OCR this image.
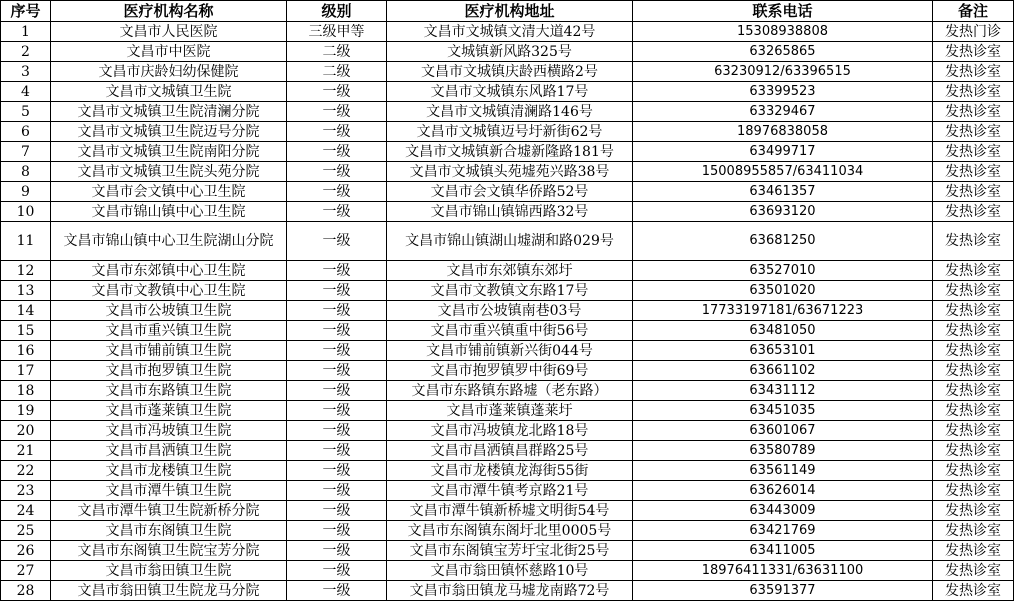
序号	医疗机构名称	级别	医疗机构地址	联系电话	备注
1	文昌市人民医院	三级甲等	文昌市文城镇文清大道42号	15308938808	发热门诊
2	文昌市中医院	二级	文城镇新风路325号	63265865	发热诊室
3	文昌市庆龄妇幼保健院	二级	文昌市文城镇庆龄西横路2号	63230912/63396515	发热诊室
4	文昌市文城镇卫生院	一级	文昌市文城镇东风路17号	63399523	发热诊室
5	文昌市文城镇卫生院清澜分院	一级	文昌市文城镇清澜路146号	63329467	发热诊室
6	文昌市文城镇卫生院迈号分院	一级	文昌市文城镇迈号圩新街62号	18976838058	发热诊室
7	文昌市文城镇卫生院南阳分院	一级	文昌市文城镇新合墟新隆路181号	63499717	发热诊室
8	文昌市文城镇卫生院头苑分院	一级	文昌市文城镇头苑墟苑兴路38号	15008955857/63411034	发热诊室
9	文昌市会文镇中心卫生院	一级	文昌市会文镇华侨路52号	63461357	发热诊室
10	文昌市锦山镇中心卫生院	一级	文昌市锦山镇锦西路32号	63693120	发热诊室
11	文昌市锦山镇中心卫生院湖山分院	一级	文昌市锦山镇湖山墟湖和路029号	63681250	发热诊室
12	文昌市东郊镇中心卫生院	一级	文昌市东郊镇东郊圩	63527010	发热诊室
13	文昌市文教镇中心卫生院	一级	文昌市文教镇文东路17号	63501020	发热诊室
14	文昌市公坡镇卫生院	一级	文昌市公坡镇南巷03号	17733197181/63671223	发热诊室
15	文昌市重兴镇卫生院	一级	文昌市重兴镇重中街56号	63481050	发热诊室
16	文昌市铺前镇卫生院	一级	文昌市铺前镇新兴街044号	63653101	发热诊室
17	文昌市抱罗镇卫生院	一级	文昌市抱罗镇罗中街69号	63661102	发热诊室
18	文昌市东路镇卫生院	一级	文昌市东路镇东路墟（老东路）	63431112	发热诊室
19	文昌市蓬莱镇卫生院	一级	文昌市蓬莱镇蓬莱圩	63451035	发热诊室
20	文昌市冯坡镇卫生院	一级	文昌市冯坡镇龙北路18号	63601067	发热诊室
21	文昌市昌洒镇卫生院	一级	文昌市昌洒镇昌群路25号	63580789	发热诊室
22	文昌市龙楼镇卫生院	一级	文昌市龙楼镇龙海街55街	63561149	发热诊室
23	文昌市潭牛镇卫生院	一级	文昌市潭牛镇考京路21号	63626014	发热诊室
24	文昌市潭牛镇卫生院新桥分院	一级	文昌市潭牛镇新桥墟文明街54号	63443009	发热诊室
25	文昌市东阁镇卫生院	一级	文昌市东阁镇东阁圩北里0005号	63421769	发热诊室
26	文昌市东阁镇卫生院宝芳分院	一级	文昌市东阁镇宝芳圩宝北街25号	63411005	发热诊室
27	文昌市翁田镇卫生院	一级	文昌市翁田镇怀慈路10号	18976411331/63631100	发热诊室
28	文昌市翁田镇卫生院龙马分院	一级	文昌市翁田镇龙马墟龙南路72号	63591377	发热诊室
